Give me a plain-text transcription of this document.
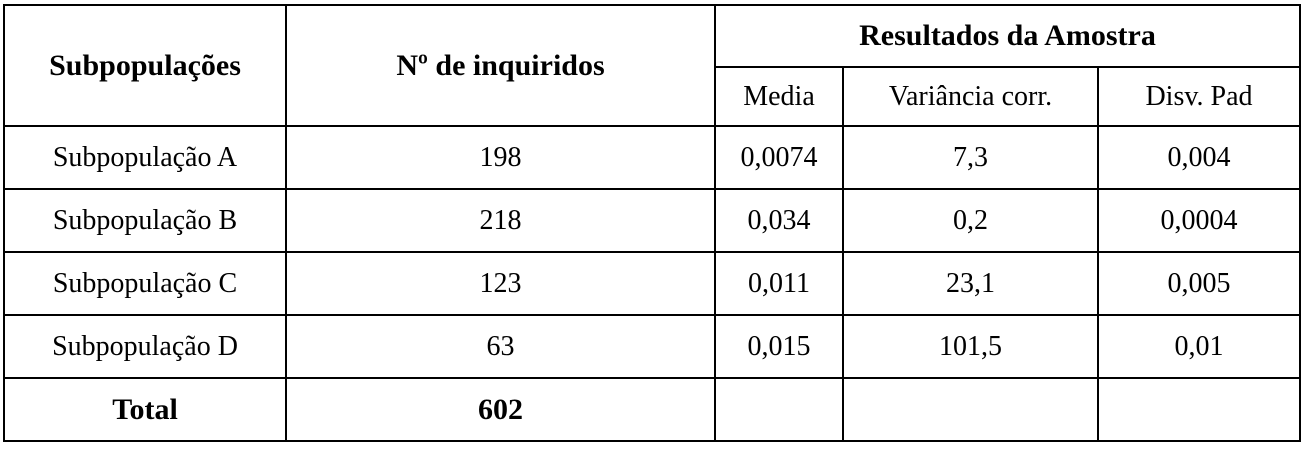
Subpopulações	Nº de inquiridos	Resultados da Amostra		
		Media	Variância corr.	Disv. Pad
Subpopulação A	198	0,0074	7,3	0,004
Subpopulação B	218	0,034	0,2	0,0004
Subpopulação C	123	0,011	23,1	0,005
Subpopulação D	63	0,015	101,5	0,01
Total	602			
